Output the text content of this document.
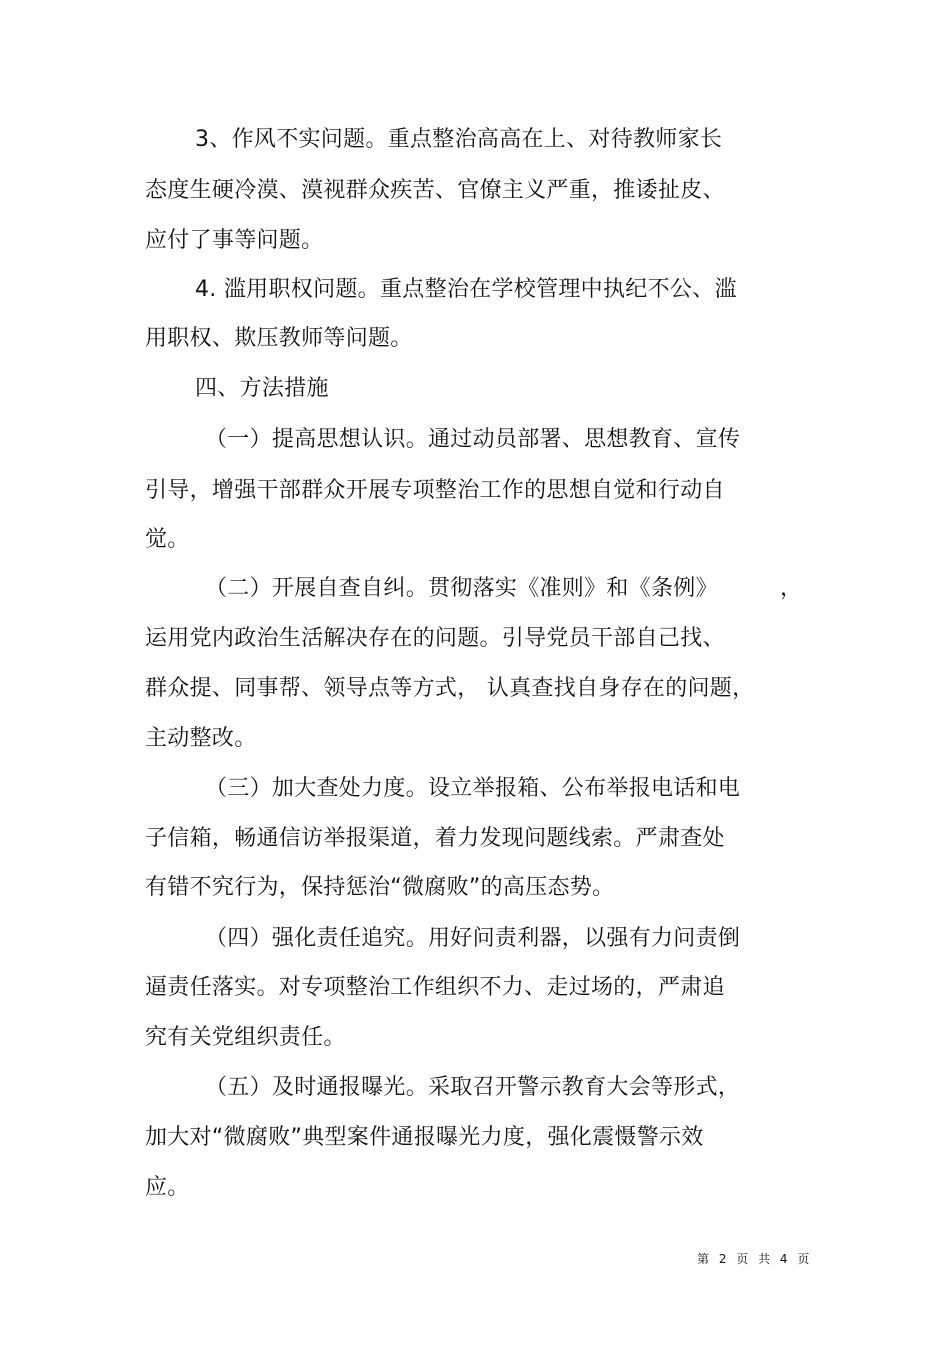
3、作风不实问题。重点整治高高在上、对待教师家长
态度生硬冷漠、漠视群众疾苦、官僚主义严重，推诿扯皮、
应付了事等问题。
4. 滥用职权问题。重点整治在学校管理中执纪不公、滥
用职权、欺压教师等问题。
四、方法措施
（一）提高思想认识。通过动员部署、思想教育、宣传
引导，增强干部群众开展专项整治工作的思想自觉和行动自
觉。
（二）开展自查自纠。贯彻落实《准则》和《条例》	，
运用党内政治生活解决存在的问题。引导党员干部自己找、
群众提、同事帮、领导点等方式， 认真查找自身存在的问题，
主动整改。
（三）加大查处力度。设立举报箱、公布举报电话和电
子信箱，畅通信访举报渠道，着力发现问题线索。严肃查处
有错不究行为，保持惩治“微腐败”的高压态势。
（四）强化责任追究。用好问责利器，以强有力问责倒
逼责任落实。对专项整治工作组织不力、走过场的，严肃追
究有关党组织责任。
（五）及时通报曝光。采取召开警示教育大会等形式，
加大对“微腐败”典型案件通报曝光力度，强化震慑警示效
应。
第 2 页 共 4 页
